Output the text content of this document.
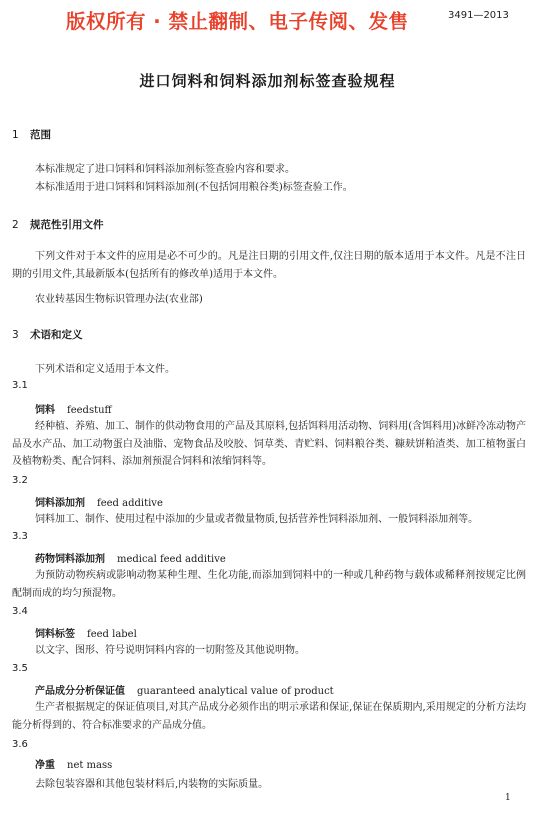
版权所有 · 禁止翻制、电子传阅、发售	3491—2013
进口饲料和饲料添加剂标签查验规程
1 范围
本标准规定了进口饲料和饲料添加剂标签查验内容和要求。
本标准适用于进口饲料和饲料添加剂(不包括饲用粮谷类)标签查验工作。
2 规范性引用文件
下列文件对于本文件的应用是必不可少的。凡是注日期的引用文件,仅注日期的版本适用于本文件。凡是不注日期的引用文件,其最新版本(包括所有的修改单)适用于本文件。
农业转基因生物标识管理办法(农业部)
3 术语和定义
下列术语和定义适用于本文件。
3.1
饲料 feedstuff
经种植、养殖、加工、制作的供动物食用的产品及其原料,包括饵料用活动物、饲料用(含饵料用)冰鲜冷冻动物产品及水产品、加工动物蛋白及油脂、宠物食品及咬胶、饲草类、青贮料、饲料粮谷类、糠麸饼粕渣类、加工植物蛋白及植物粉类、配合饲料、添加剂预混合饲料和浓缩饲料等。
3.2
饲料添加剂 feed additive
饲料加工、制作、使用过程中添加的少量或者微量物质,包括营养性饲料添加剂、一般饲料添加剂等。
3.3
药物饲料添加剂 medical feed additive
为预防动物疾病或影响动物某种生理、生化功能,而添加到饲料中的一种或几种药物与载体或稀释剂按规定比例配制而成的均匀预混物。
3.4
饲料标签 feed label
以文字、图形、符号说明饲料内容的一切附签及其他说明物。
3.5
产品成分分析保证值 guaranteed analytical value of product
生产者根据规定的保证值项目,对其产品成分必须作出的明示承诺和保证,保证在保质期内,采用规定的分析方法均能分析得到的、符合标准要求的产品成分值。
3.6
净重 net mass
去除包装容器和其他包装材料后,内装物的实际质量。
1
